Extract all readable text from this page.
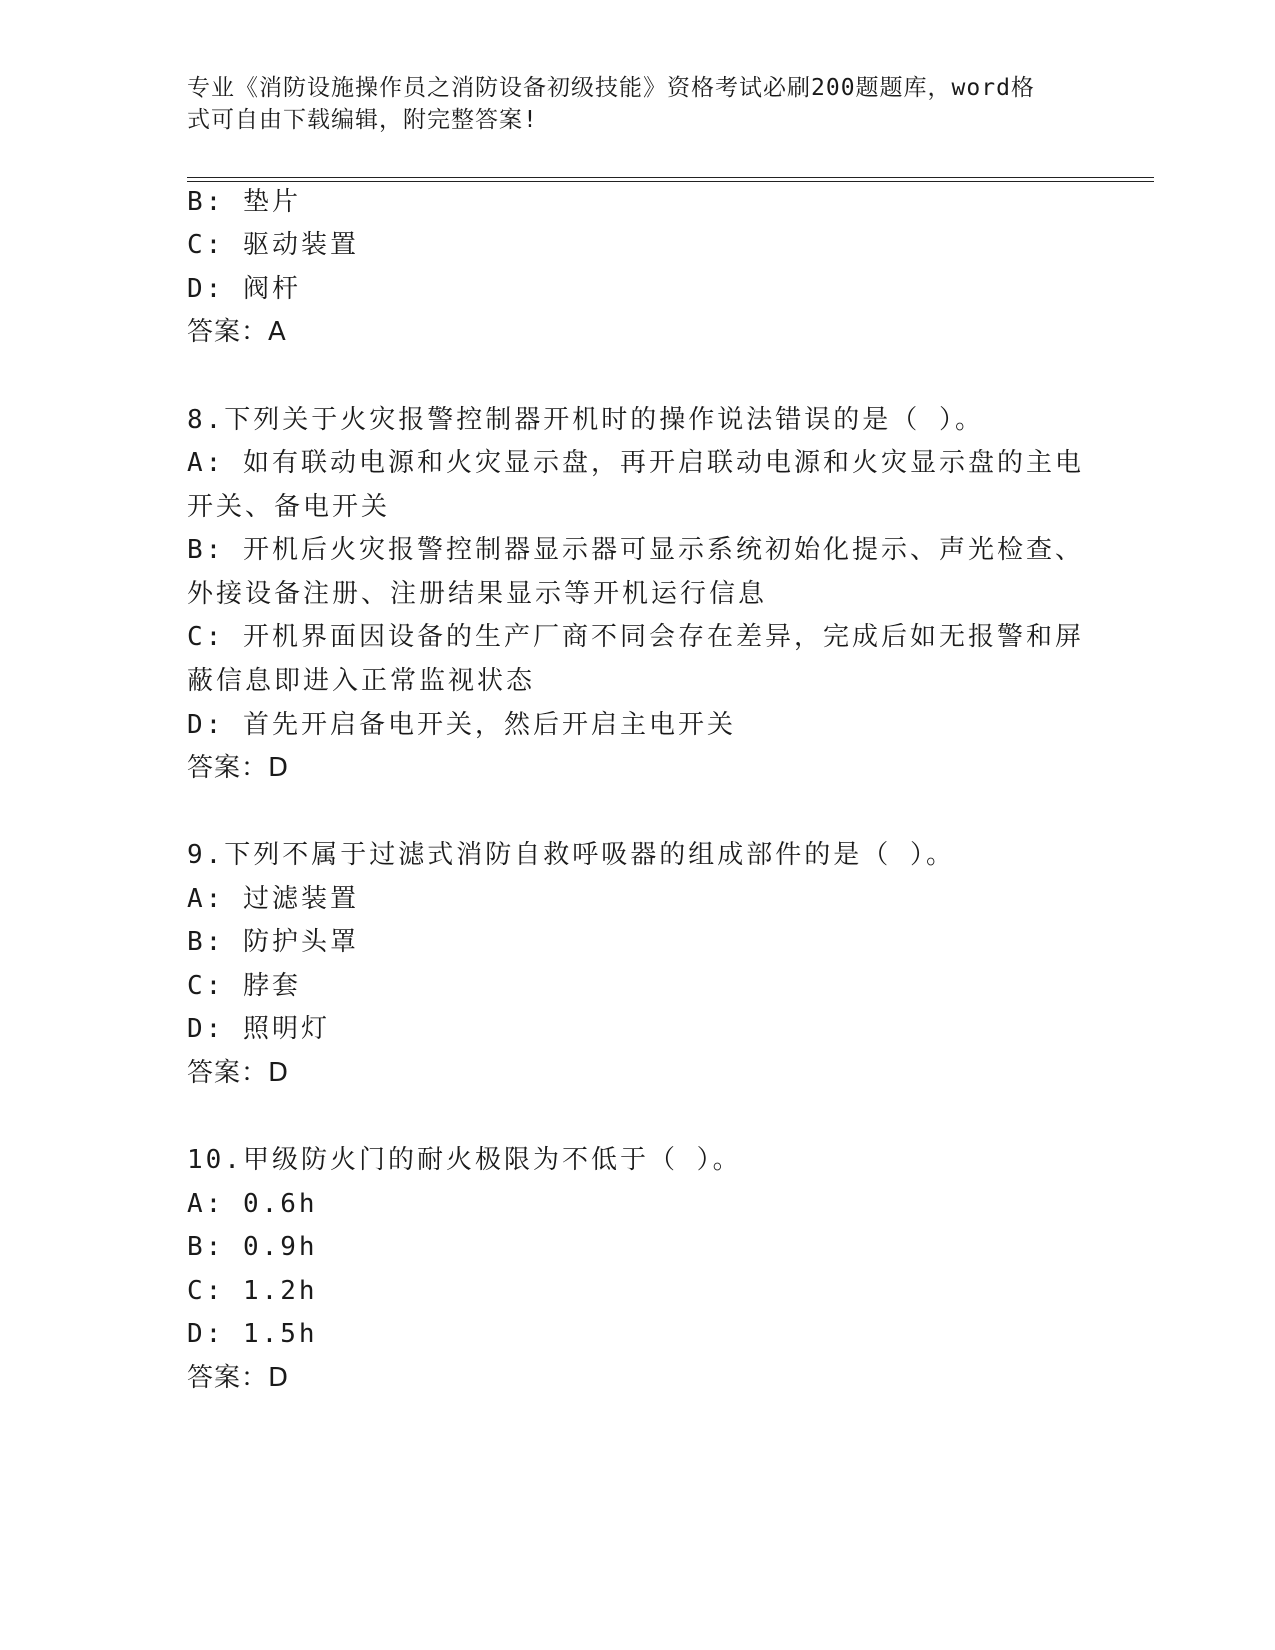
专业《消防设施操作员之消防设备初级技能》资格考试必刷200题题库，word格
式可自由下载编辑，附完整答案!
B: 垫片
C: 驱动装置
D: 阀杆
答案：A
8.下列关于火灾报警控制器开机时的操作说法错误的是（ ）。
A: 如有联动电源和火灾显示盘，再开启联动电源和火灾显示盘的主电
开关、备电开关
B: 开机后火灾报警控制器显示器可显示系统初始化提示、声光检查、
外接设备注册、注册结果显示等开机运行信息
C: 开机界面因设备的生产厂商不同会存在差异，完成后如无报警和屏
蔽信息即进入正常监视状态
D: 首先开启备电开关，然后开启主电开关
答案：D
9.下列不属于过滤式消防自救呼吸器的组成部件的是（ ）。
A: 过滤装置
B: 防护头罩
C: 脖套
D: 照明灯
答案：D
10.甲级防火门的耐火极限为不低于（ ）。
A: 0.6h
B: 0.9h
C: 1.2h
D: 1.5h
答案：D
